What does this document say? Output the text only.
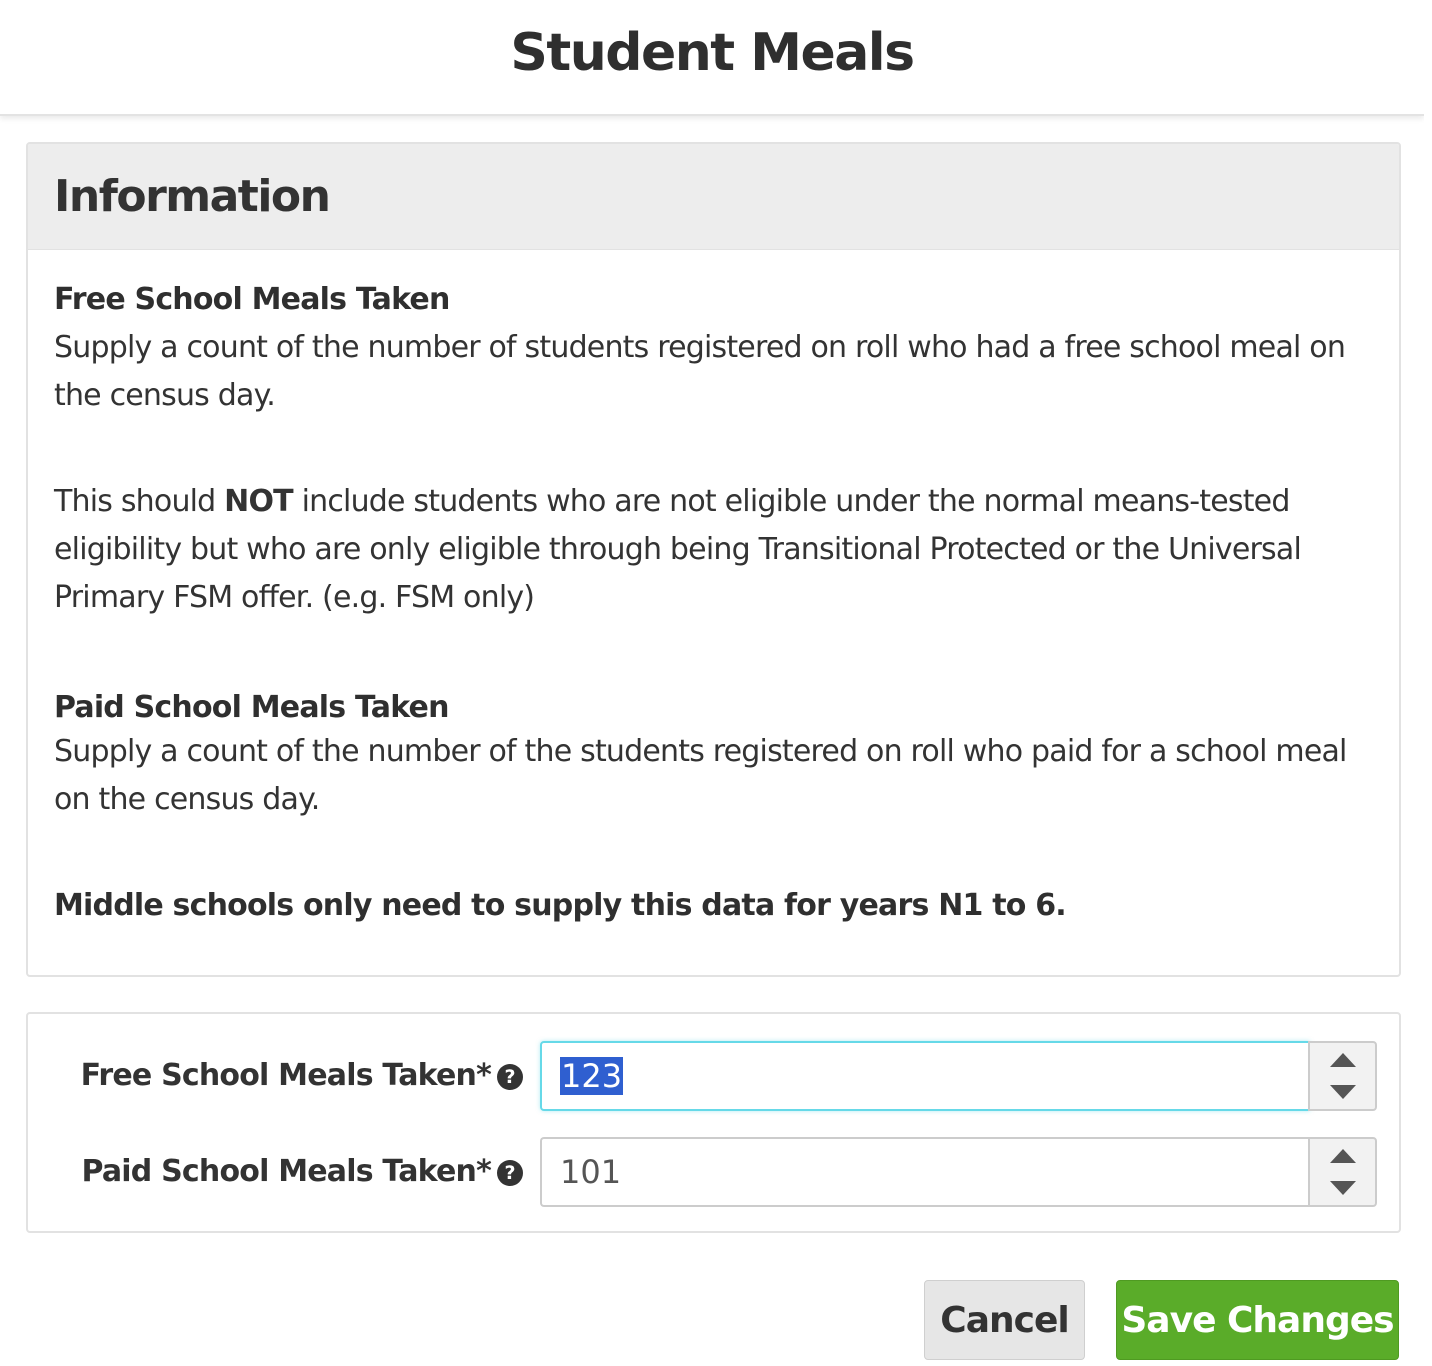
Student Meals
Information
Free School Meals Taken

Supply a count of the number of students registered on roll who had a free school meal on the census day.

This should NOT include students who are not eligible under the normal means-tested eligibility but who are only eligible through being Transitional Protected or the Universal Primary FSM offer. (e.g. FSM only)

Paid School Meals Taken

Supply a count of the number of the students registered on roll who paid for a school meal on the census day.

Middle schools only need to supply this data for years N1 to 6.

Free School Meals Taken* ?	123
Paid School Meals Taken* ?	101
Cancel	Save Changes
